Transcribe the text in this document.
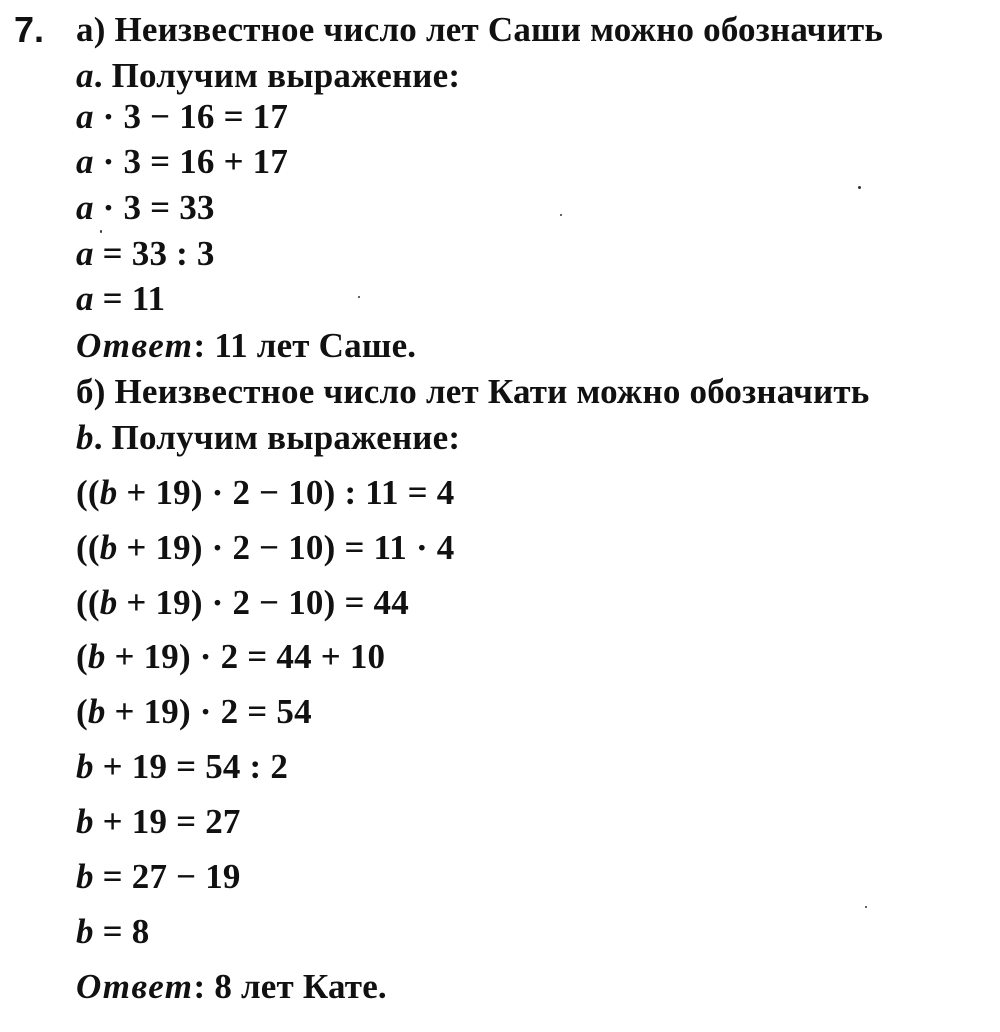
7. а) Неизвестное число лет Саши можно обозначить
a. Получим выражение:
a · 3 − 16 = 17
a · 3 = 16 + 17
a · 3 = 33
a = 33 : 3
a = 11
Ответ: 11 лет Саше.
б) Неизвестное число лет Кати можно обозначить
b. Получим выражение:
((b + 19) · 2 − 10) : 11 = 4
((b + 19) · 2 − 10) = 11 · 4
((b + 19) · 2 − 10) = 44
(b + 19) · 2 = 44 + 10
(b + 19) · 2 = 54
b + 19 = 54 : 2
b + 19 = 27
b = 27 − 19
b = 8
Ответ: 8 лет Кате.
